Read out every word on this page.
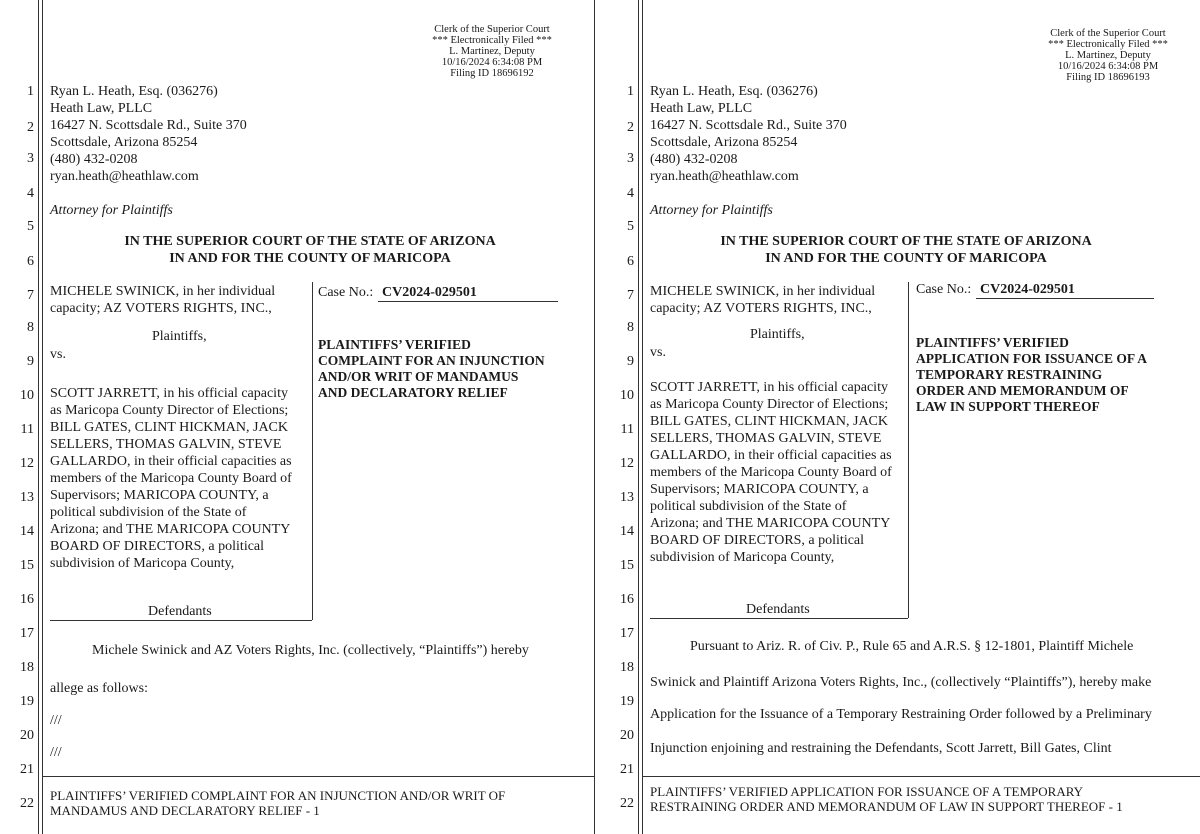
Clerk of the Superior Court
*** Electronically Filed ***
L. Martinez, Deputy
10/16/2024 6:34:08 PM
Filing ID 18696192
1
2
3
4
5
6
7
8
9
10
11
12
13
14
15
16
17
18
19
20
21
22
Ryan L. Heath, Esq. (036276)
Heath Law, PLLC
16427 N. Scottsdale Rd., Suite 370
Scottsdale, Arizona 85254
(480) 432-0208
ryan.heath@heathlaw.com
Attorney for Plaintiffs
IN THE SUPERIOR COURT OF THE STATE OF ARIZONA
IN AND FOR THE COUNTY OF MARICOPA
MICHELE SWINICK, in her individual
capacity; AZ VOTERS RIGHTS, INC.,
Plaintiffs,
vs.
SCOTT JARRETT, in his official capacity
as Maricopa County Director of Elections;
BILL GATES, CLINT HICKMAN, JACK
SELLERS, THOMAS GALVIN, STEVE
GALLARDO, in their official capacities as
members of the Maricopa County Board of
Supervisors; MARICOPA COUNTY, a
political subdivision of the State of
Arizona; and THE MARICOPA COUNTY
BOARD OF DIRECTORS, a political
subdivision of Maricopa County,
Defendants
Case No.: CV2024-029501
PLAINTIFFS’ VERIFIED
COMPLAINT FOR AN INJUNCTION
AND/OR WRIT OF MANDAMUS
AND DECLARATORY RELIEF
Michele Swinick and AZ Voters Rights, Inc. (collectively, “Plaintiffs”) hereby
allege as follows:
///
///
PLAINTIFFS’ VERIFIED COMPLAINT FOR AN INJUNCTION AND/OR WRIT OF
MANDAMUS AND DECLARATORY RELIEF - 1
Clerk of the Superior Court
*** Electronically Filed ***
L. Martinez, Deputy
10/16/2024 6:34:08 PM
Filing ID 18696193
1
2
3
4
5
6
7
8
9
10
11
12
13
14
15
16
17
18
19
20
21
22
Ryan L. Heath, Esq. (036276)
Heath Law, PLLC
16427 N. Scottsdale Rd., Suite 370
Scottsdale, Arizona 85254
(480) 432-0208
ryan.heath@heathlaw.com
Attorney for Plaintiffs
IN THE SUPERIOR COURT OF THE STATE OF ARIZONA
IN AND FOR THE COUNTY OF MARICOPA
MICHELE SWINICK, in her individual
capacity; AZ VOTERS RIGHTS, INC.,
Plaintiffs,
vs.
SCOTT JARRETT, in his official capacity
as Maricopa County Director of Elections;
BILL GATES, CLINT HICKMAN, JACK
SELLERS, THOMAS GALVIN, STEVE
GALLARDO, in their official capacities as
members of the Maricopa County Board of
Supervisors; MARICOPA COUNTY, a
political subdivision of the State of
Arizona; and THE MARICOPA COUNTY
BOARD OF DIRECTORS, a political
subdivision of Maricopa County,
Defendants
Case No.: CV2024-029501
PLAINTIFFS’ VERIFIED
APPLICATION FOR ISSUANCE OF A
TEMPORARY RESTRAINING
ORDER AND MEMORANDUM OF
LAW IN SUPPORT THEREOF
Pursuant to Ariz. R. of Civ. P., Rule 65 and A.R.S. § 12-1801, Plaintiff Michele
Swinick and Plaintiff Arizona Voters Rights, Inc., (collectively “Plaintiffs”), hereby make
Application for the Issuance of a Temporary Restraining Order followed by a Preliminary
Injunction enjoining and restraining the Defendants, Scott Jarrett, Bill Gates, Clint
PLAINTIFFS’ VERIFIED APPLICATION FOR ISSUANCE OF A TEMPORARY
RESTRAINING ORDER AND MEMORANDUM OF LAW IN SUPPORT THEREOF - 1
